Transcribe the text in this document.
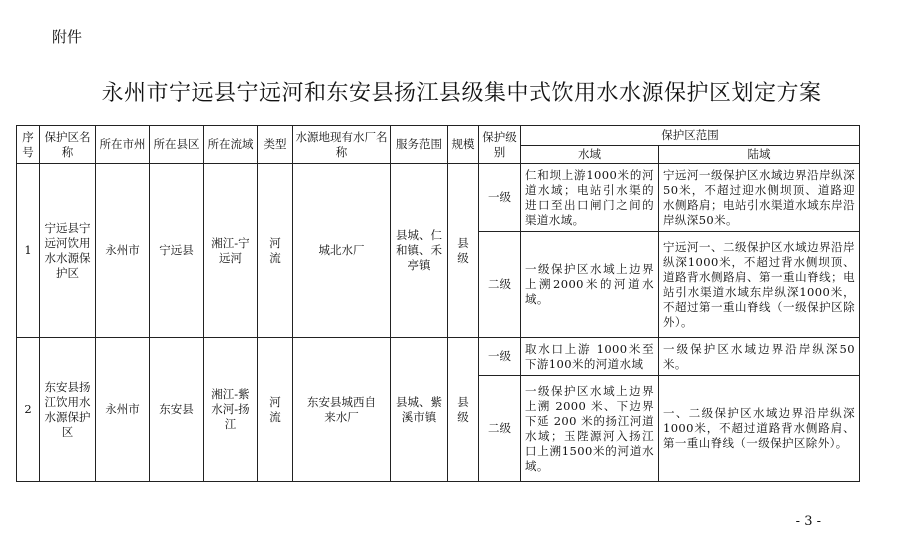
附件
永州市宁远县宁远河和东安县扬江县级集中式饮用水水源保护区划定方案
序号	保护区名称	所在市州	所在县区	所在流域	类型	水源地现有水厂名称	服务范围	规模	保护级别	保护区范围	
										水域	陆域
1	宁远县宁远河饮用水水源保护区	永州市	宁远县	湘江-宁远河	河流	城北水厂	县城、仁和镇、禾亭镇	县级	一级	仁和坝上游1000米的河道水域；电站引水渠的进口至出口闸门之间的渠道水域。	宁远河一级保护区水域边界沿岸纵深50米，不超过迎水侧坝顶、道路迎水侧路肩；电站引水渠道水域东岸沿岸纵深50米。
									二级	一级保护区水域上边界上溯2000米的河道水域。	宁远河一、二级保护区水域边界沿岸纵深1000米，不超过背水侧坝顶、道路背水侧路肩、第一重山脊线；电站引水渠道水域东岸纵深1000米，不超过第一重山脊线（一级保护区除外）。
2	东安县扬江饮用水水源保护区	永州市	东安县	湘江-紫水河-扬江	河流	东安县城西自来水厂	县城、紫溪市镇	县级	一级	取水口上游 1000米至下游100米的河道水域	一级保护区水域边界沿岸纵深50米。
									二级	一级保护区水域上边界上溯 2000 米、下边界下延 200 米的扬江河道水域；玉陛源河入扬江口上溯1500米的河道水域。	一、二级保护区水域边界沿岸纵深1000米，不超过道路背水侧路肩、第一重山脊线（一级保护区除外）。
- 3 -
